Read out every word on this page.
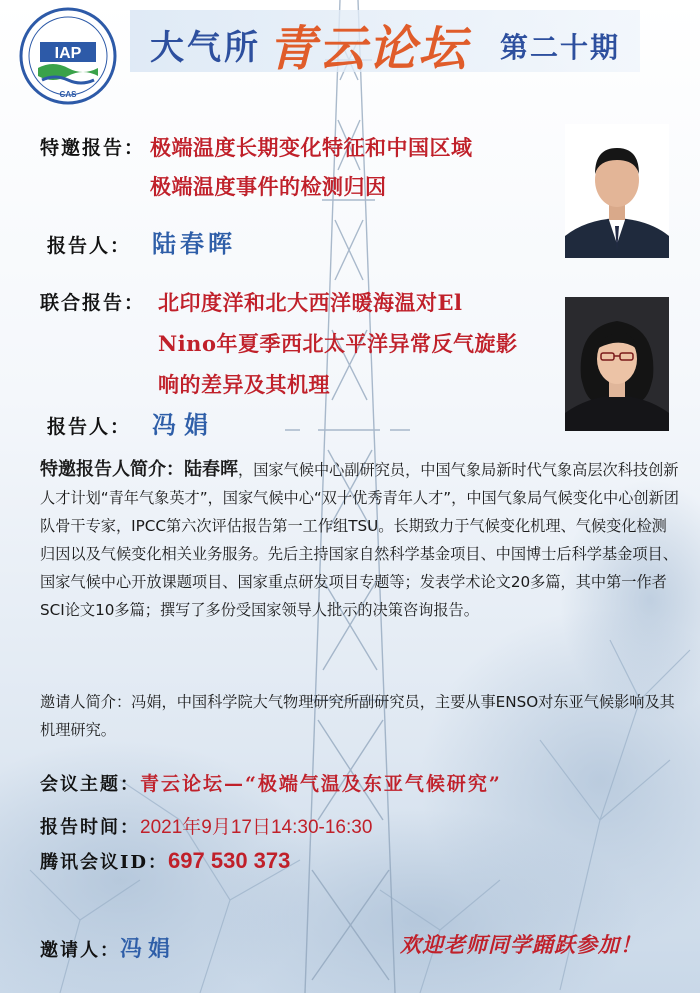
IAP
CAS
大气所 青云论坛 第二十期
特邀报告： 极端温度长期变化特征和中国区域
极端温度事件的检测归因
报告人： 陆春晖
联合报告： 北印度洋和北大西洋暖海温对El
Nino年夏季西北太平洋异常反气旋影
响的差异及其机理
报告人： 冯娟
特邀报告人简介：陆春晖，国家气候中心副研究员，中国气象局新时代气象高层次科技创新人才计划“青年气象英才”，国家气候中心“双十优秀青年人才”，中国气象局气候变化中心创新团队骨干专家，IPCC第六次评估报告第一工作组TSU。长期致力于气候变化机理、气候变化检测归因以及气候变化相关业务服务。先后主持国家自然科学基金项目、中国博士后科学基金项目、国家气候中心开放课题项目、国家重点研发项目专题等；发表学术论文20多篇，其中第一作者SCI论文10多篇；撰写了多份受国家领导人批示的决策咨询报告。
邀请人简介：冯娟，中国科学院大气物理研究所副研究员，主要从事ENSO对东亚气候影响及其机理研究。
会议主题：青云论坛—“极端气温及东亚气候研究”
报告时间：2021年9月17日14:30-16:30
腾讯会议ID：697 530 373
邀请人：冯娟	欢迎老师同学踊跃参加！
